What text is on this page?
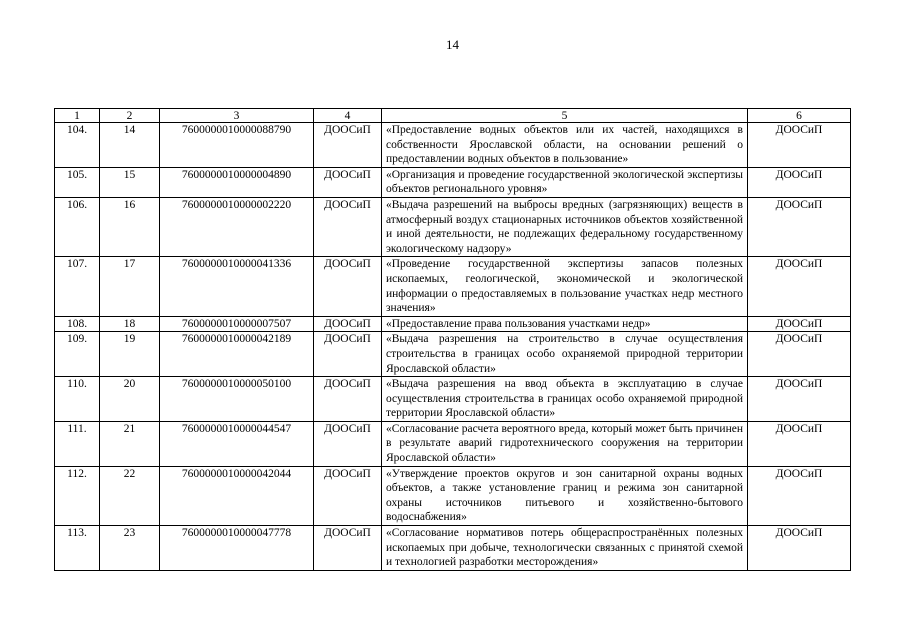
14
1	2	3	4	5	6
104.	14	7600000010000088790	ДООСиП	«Предоставление водных объектов или их частей, находящихся в собственности Ярославской области, на основании решений о предоставлении водных объектов в пользование»	ДООСиП
105.	15	7600000010000004890	ДООСиП	«Организация и проведение государственной экологической экспертизы объектов регионального уровня»	ДООСиП
106.	16	7600000010000002220	ДООСиП	«Выдача разрешений на выбросы вредных (загрязняющих) веществ в атмосферный воздух стационарных источников объектов хозяйственной и иной деятельности, не подлежащих федеральному государственному экологическому надзору»	ДООСиП
107.	17	7600000010000041336	ДООСиП	«Проведение государственной экспертизы запасов полезных ископаемых, геологической, экономической и экологической информации о предоставляемых в пользование участках недр местного значения»	ДООСиП
108.	18	7600000010000007507	ДООСиП	«Предоставление права пользования участками недр»	ДООСиП
109.	19	7600000010000042189	ДООСиП	«Выдача разрешения на строительство в случае осуществления строительства в границах особо охраняемой природной территории Ярославской области»	ДООСиП
110.	20	7600000010000050100	ДООСиП	«Выдача разрешения на ввод объекта в эксплуатацию в случае осуществления строительства в границах особо охраняемой природной территории Ярославской области»	ДООСиП
111.	21	7600000010000044547	ДООСиП	«Согласование расчета вероятного вреда, который может быть причинен в результате аварий гидротехнического сооружения на территории Ярославской области»	ДООСиП
112.	22	7600000010000042044	ДООСиП	«Утверждение проектов округов и зон санитарной охраны водных объектов, а также установление границ и режима зон санитарной охраны источников питьевого и хозяйственно-бытового водоснабжения»	ДООСиП
113.	23	7600000010000047778	ДООСиП	«Согласование нормативов потерь общераспространённых полезных ископаемых при добыче, технологически связанных с принятой схемой и технологией разработки месторождения»	ДООСиП
